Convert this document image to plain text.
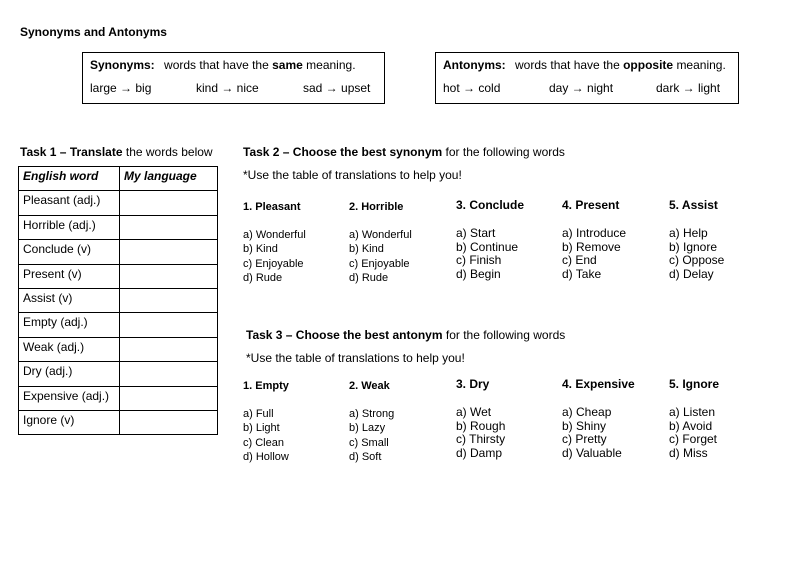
Synonyms and Antonyms
Synonyms: words that have the same meaning.
large → big	kind → nice	sad → upset
Antonyms: words that have the opposite meaning.
hot → cold	day → night	dark → light
Task 1 – Translate the words below
English word	My language
Pleasant (adj.)	
Horrible (adj.)	
Conclude (v)	
Present (v)	
Assist (v)	
Empty (adj.)	
Weak (adj.)	
Dry (adj.)	
Expensive (adj.)	
Ignore (v)	
Task 2 – Choose the best synonym for the following words
*Use the table of translations to help you!
1. Pleasant
a) Wonderful
b) Kind
c) Enjoyable
d) Rude
2. Horrible
a) Wonderful
b) Kind
c) Enjoyable
d) Rude
3. Conclude
a) Start
b) Continue
c) Finish
d) Begin
4. Present
a) Introduce
b) Remove
c) End
d) Take
5. Assist
a) Help
b) Ignore
c) Oppose
d) Delay
Task 3 – Choose the best antonym for the following words
*Use the table of translations to help you!
1. Empty
a) Full
b) Light
c) Clean
d) Hollow
2. Weak
a) Strong
b) Lazy
c) Small
d) Soft
3. Dry
a) Wet
b) Rough
c) Thirsty
d) Damp
4. Expensive
a) Cheap
b) Shiny
c) Pretty
d) Valuable
5. Ignore
a) Listen
b) Avoid
c) Forget
d) Miss
